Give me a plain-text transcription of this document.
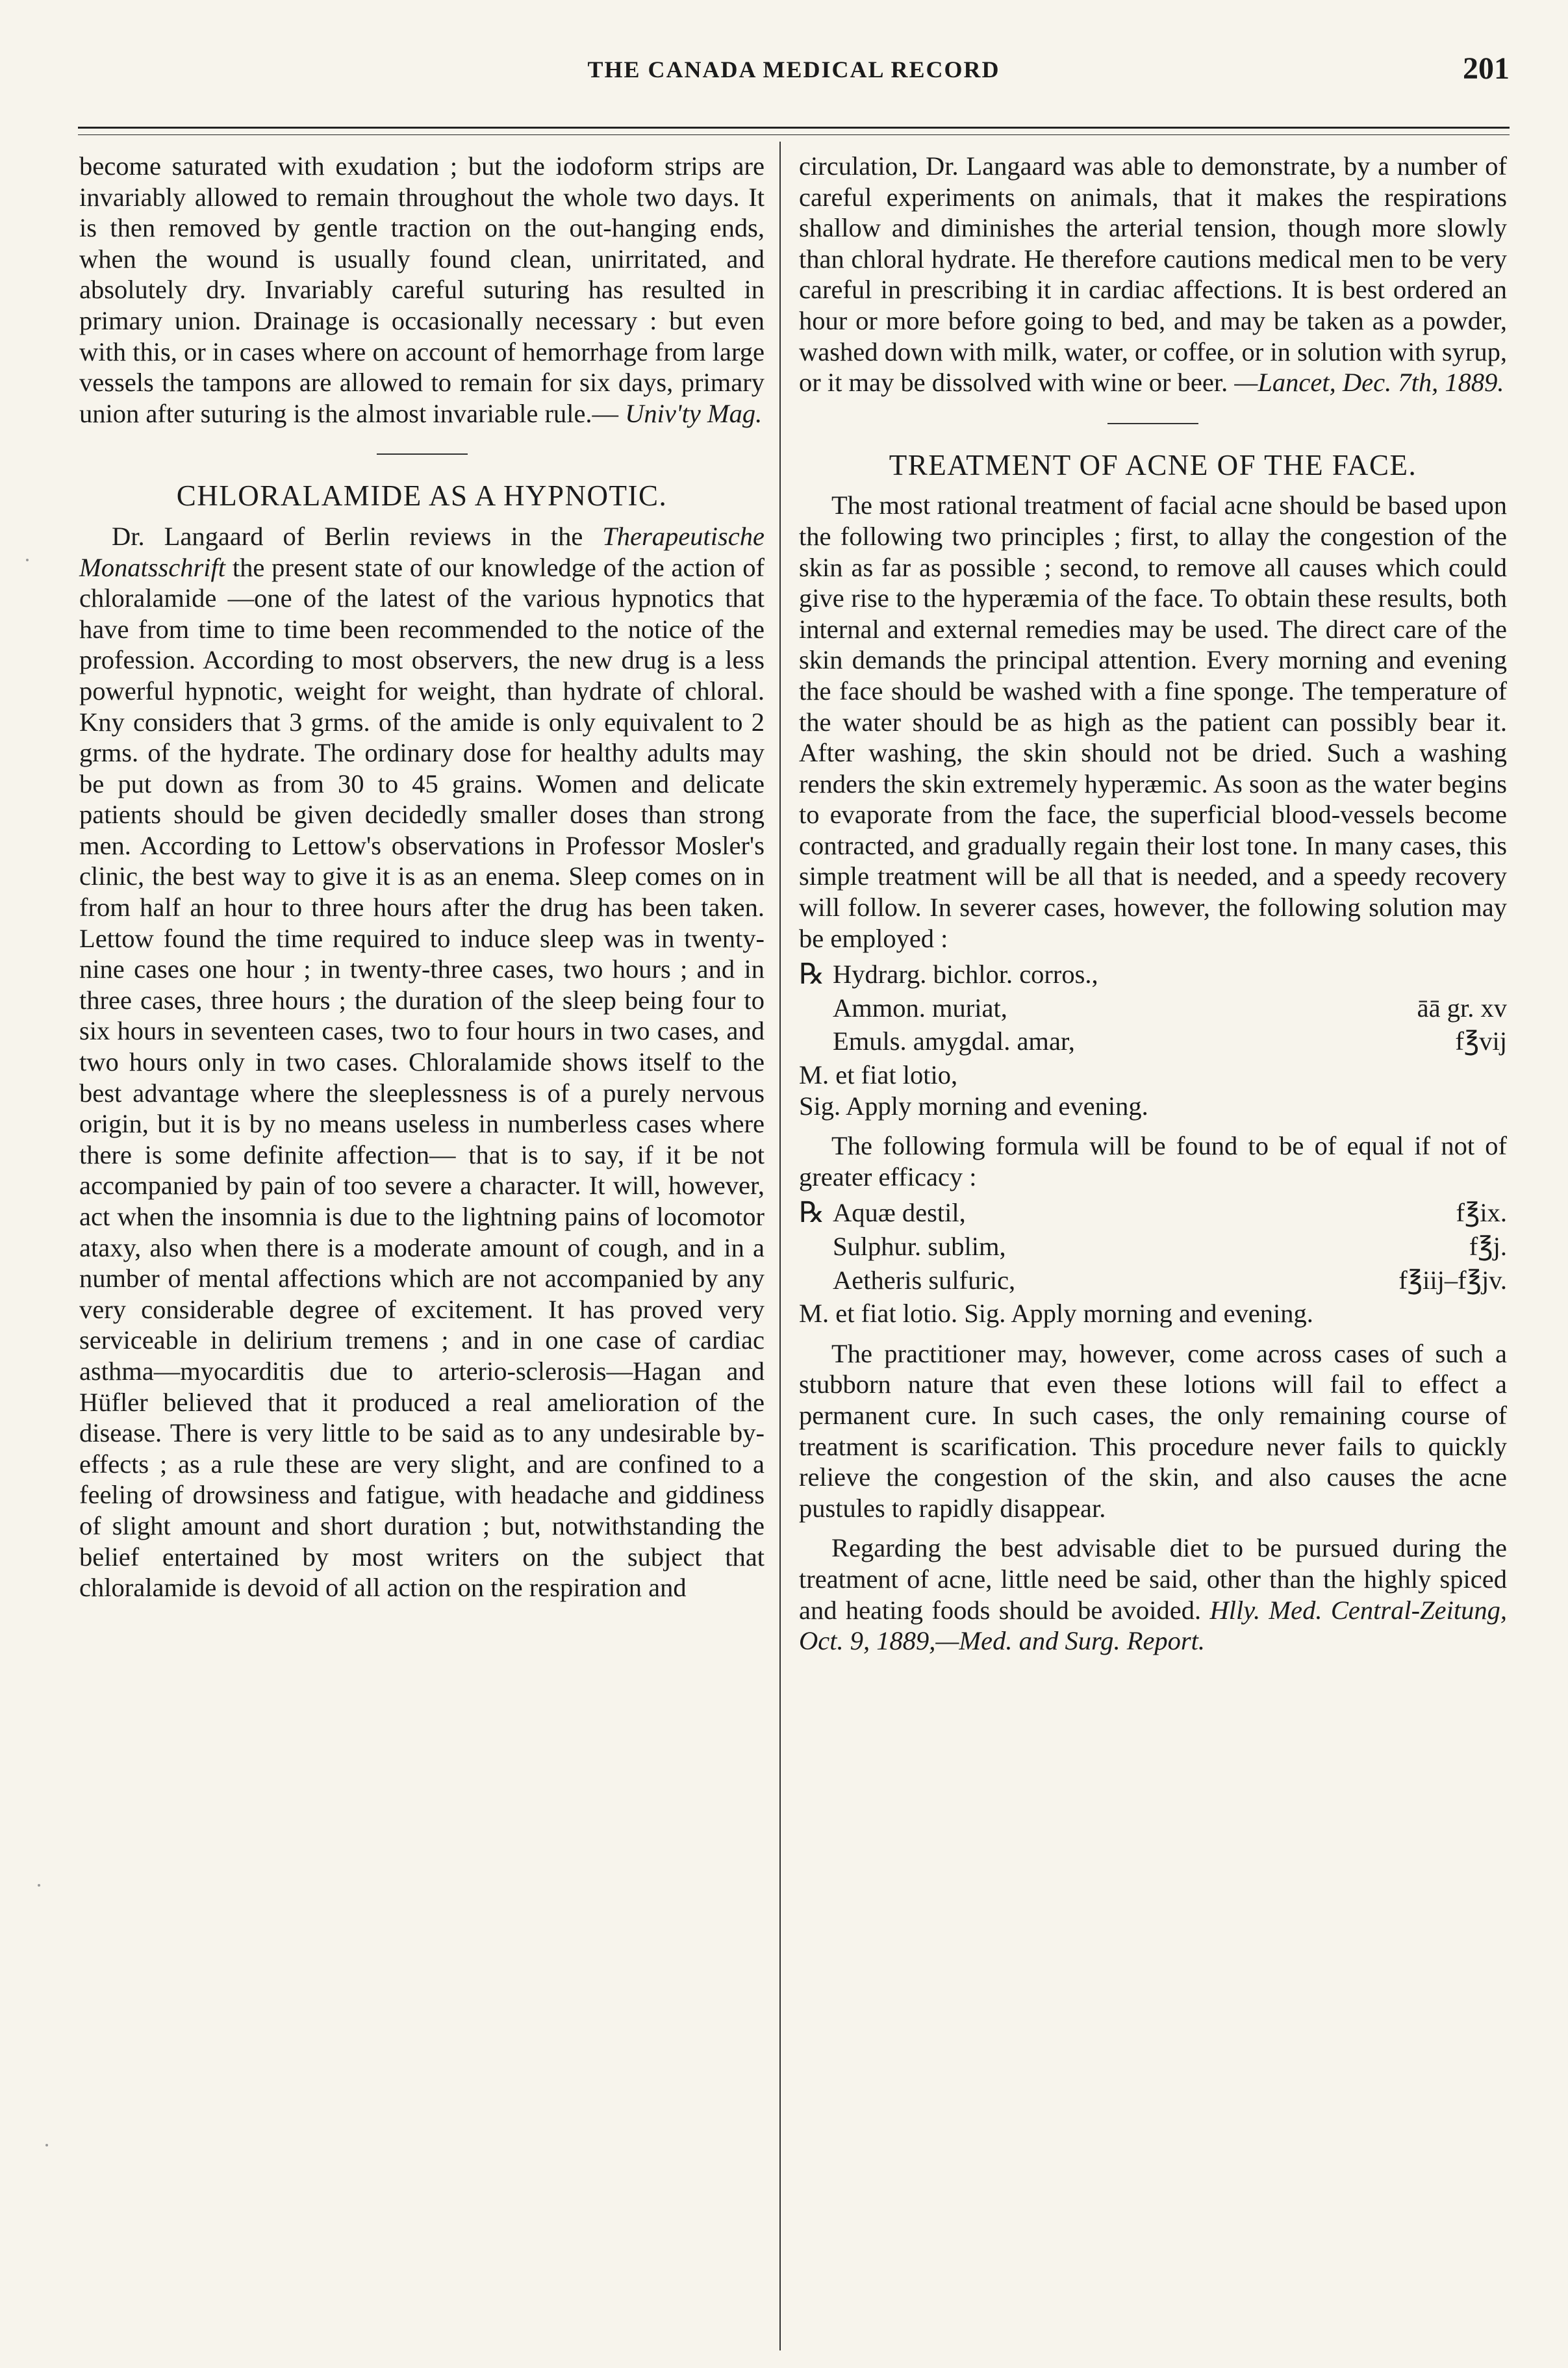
THE CANADA MEDICAL RECORD	201

become saturated with exudation ; but the iodoform strips are invariably allowed to remain throughout the whole two days. It is then removed by gentle traction on the out-hanging ends, when the wound is usually found clean, unirritated, and absolutely dry. Invariably careful suturing has resulted in primary union. Drainage is occasionally necessary : but even with this, or in cases where on account of hemorrhage from large vessels the tampons are allowed to remain for six days, primary union after suturing is the almost invariable rule.— Univ'ty Mag.

CHLORALAMIDE AS A HYPNOTIC.

Dr. Langaard of Berlin reviews in the Therapeutische Monatsschrift the present state of our knowledge of the action of chloralamide —one of the latest of the various hypnotics that have from time to time been recommended to the notice of the profession. According to most observers, the new drug is a less powerful hypnotic, weight for weight, than hydrate of chloral. Kny considers that 3 grms. of the amide is only equivalent to 2 grms. of the hydrate. The ordinary dose for healthy adults may be put down as from 30 to 45 grains. Women and delicate patients should be given decidedly smaller doses than strong men. According to Lettow's observations in Professor Mosler's clinic, the best way to give it is as an enema. Sleep comes on in from half an hour to three hours after the drug has been taken. Lettow found the time required to induce sleep was in twenty-nine cases one hour ; in twenty-three cases, two hours ; and in three cases, three hours ; the duration of the sleep being four to six hours in seventeen cases, two to four hours in two cases, and two hours only in two cases. Chloralamide shows itself to the best advantage where the sleeplessness is of a purely nervous origin, but it is by no means useless in numberless cases where there is some definite affection— that is to say, if it be not accompanied by pain of too severe a character. It will, however, act when the insomnia is due to the lightning pains of locomotor ataxy, also when there is a moderate amount of cough, and in a number of mental affections which are not accompanied by any very considerable degree of excitement. It has proved very serviceable in delirium tremens ; and in one case of cardiac asthma—myocarditis due to arterio-sclerosis—Hagan and Hüfler believed that it produced a real amelioration of the disease. There is very little to be said as to any undesirable by-effects ; as a rule these are very slight, and are confined to a feeling of drowsiness and fatigue, with headache and giddiness of slight amount and short duration ; but, notwithstanding the belief entertained by most writers on the subject that chloralamide is devoid of all action on the respiration and

circulation, Dr. Langaard was able to demonstrate, by a number of careful experiments on animals, that it makes the respirations shallow and diminishes the arterial tension, though more slowly than chloral hydrate. He therefore cautions medical men to be very careful in prescribing it in cardiac affections. It is best ordered an hour or more before going to bed, and may be taken as a powder, washed down with milk, water, or coffee, or in solution with syrup, or it may be dissolved with wine or beer. —Lancet, Dec. 7th, 1889.

TREATMENT OF ACNE OF THE FACE.

The most rational treatment of facial acne should be based upon the following two principles ; first, to allay the congestion of the skin as far as possible ; second, to remove all causes which could give rise to the hyperæmia of the face. To obtain these results, both internal and external remedies may be used. The direct care of the skin demands the principal attention. Every morning and evening the face should be washed with a fine sponge. The temperature of the water should be as high as the patient can possibly bear it. After washing, the skin should not be dried. Such a washing renders the skin extremely hyperæmic. As soon as the water begins to evaporate from the face, the superficial blood-vessels become contracted, and gradually regain their lost tone. In many cases, this simple treatment will be all that is needed, and a speedy recovery will follow. In severer cases, however, the following solution may be employed :

℞ Hydrarg. bichlor. corros.,
Ammon. muriat,	āā gr. xv
Emuls. amygdal. amar,	f℥vij

M. et fiat lotio,

Sig. Apply morning and evening.

The following formula will be found to be of equal if not of greater efficacy :

℞ Aquæ destil,	f℥ix.
Sulphur. sublim,	f℥j.
Aetheris sulfuric,	f℥iij–f℥jv.

M. et fiat lotio. Sig. Apply morning and evening.

The practitioner may, however, come across cases of such a stubborn nature that even these lotions will fail to effect a permanent cure. In such cases, the only remaining course of treatment is scarification. This procedure never fails to quickly relieve the congestion of the skin, and also causes the acne pustules to rapidly disappear.

Regarding the best advisable diet to be pursued during the treatment of acne, little need be said, other than the highly spiced and heating foods should be avoided. Hlly. Med. Central-Zeitung, Oct. 9, 1889,—Med. and Surg. Report.
